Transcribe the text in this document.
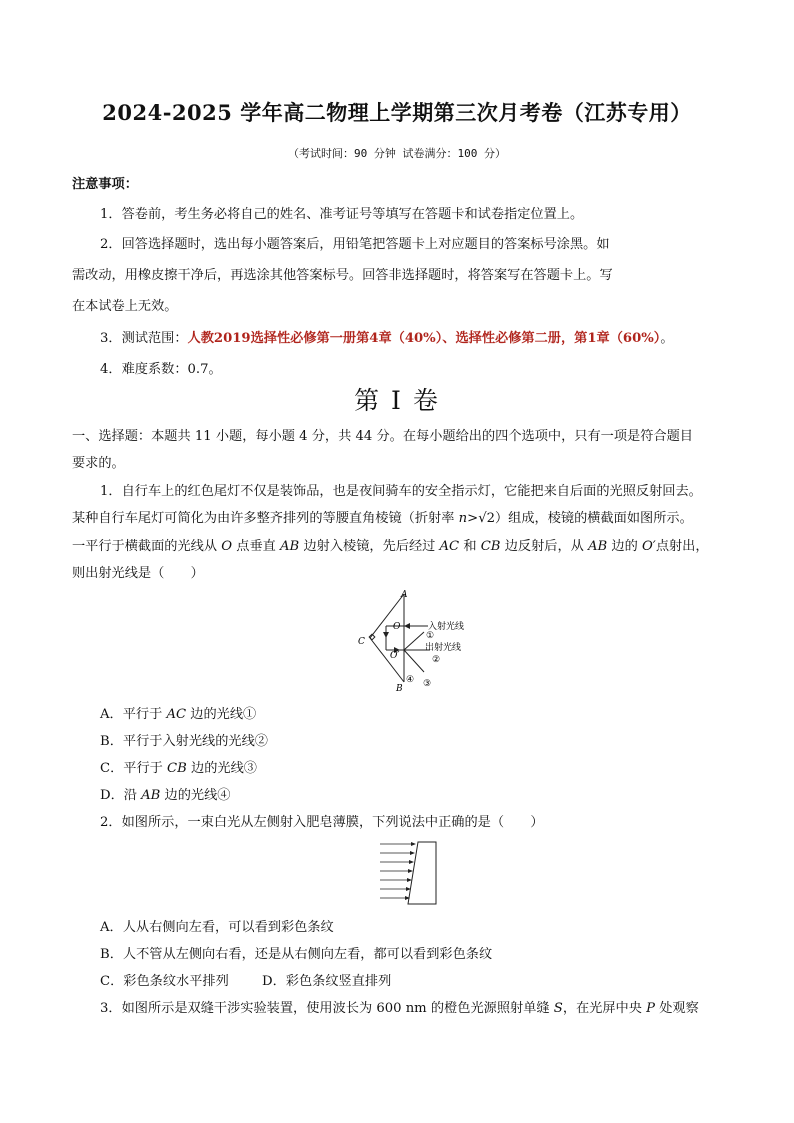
2024-2025 学年高二物理上学期第三次月考卷（江苏专用）
（考试时间：90 分钟 试卷满分：100 分）
注意事项：
1．答卷前，考生务必将自己的姓名、准考证号等填写在答题卡和试卷指定位置上。
2．回答选择题时，选出每小题答案后，用铅笔把答题卡上对应题目的答案标号涂黑。如
需改动，用橡皮擦干净后，再选涂其他答案标号。回答非选择题时，将答案写在答题卡上。写
在本试卷上无效。
3．测试范围：人教2019选择性必修第一册第4章（40%）、选择性必修第二册，第1章（60%）。
4．难度系数：0.7。
第 I 卷
一、选择题：本题共 11 小题，每小题 4 分，共 44 分。在每小题给出的四个选项中，只有一项是符合题目
要求的。
1．自行车上的红色尾灯不仅是装饰品，也是夜间骑车的安全指示灯，它能把来自后面的光照反射回去。
某种自行车尾灯可简化为由许多整齐排列的等腰直角棱镜（折射率 n>√2）组成，棱镜的横截面如图所示。
一平行于横截面的光线从 O 点垂直 AB 边射入棱镜，先后经过 AC 和 CB 边反射后，从 AB 边的 O′点射出，
则出射光线是（　　）
A
B
C
O
O′
入射光线
①
出射光线
②
③
④
A．平行于 AC 边的光线①
B．平行于入射光线的光线②
C．平行于 CB 边的光线③
D．沿 AB 边的光线④
2．如图所示，一束白光从左侧射入肥皂薄膜，下列说法中正确的是（　　）
A．人从右侧向左看，可以看到彩色条纹
B．人不管从左侧向右看，还是从右侧向左看，都可以看到彩色条纹
C．彩色条纹水平排列	D．彩色条纹竖直排列
3．如图所示是双缝干涉实验装置，使用波长为 600 nm 的橙色光源照射单缝 S，在光屏中央 P 处观察
